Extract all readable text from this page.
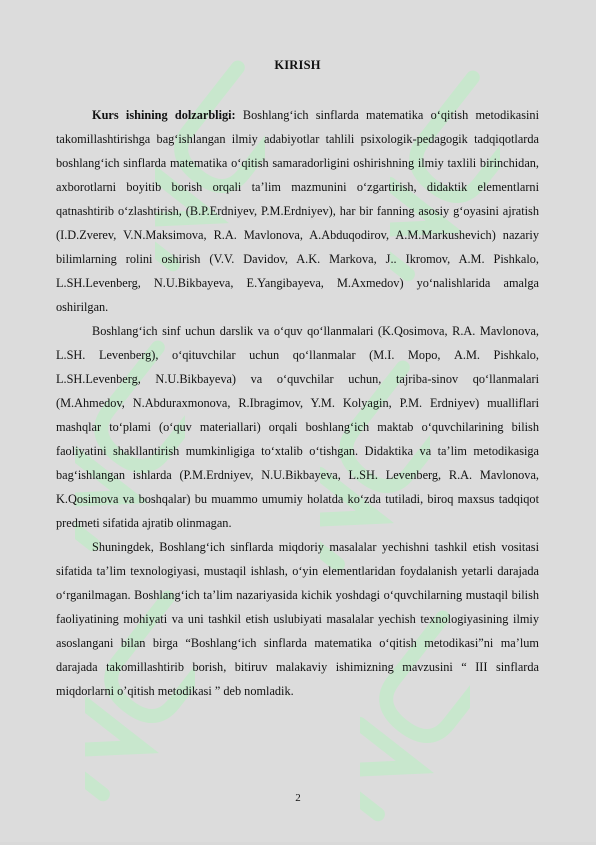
KIRISH

Kurs ishining dolzarbligi: Boshlang‘ich sinflarda matematika o‘qitish metodikasini takomillashtirishga bag‘ishlangan ilmiy adabiyotlar tahlili psixologik-pedagogik tadqiqotlarda boshlang‘ich sinflarda matematika o‘qitish samaradorligini oshirishning ilmiy taxlili birinchidan, axborotlarni boyitib borish orqali ta’lim mazmunini o‘zgartirish, didaktik elementlarni qatnashtirib o‘zlashtirish, (B.P.Erdniyev, P.M.Erdniyev), har bir fanning asosiy g‘oyasini ajratish (I.D.Zverev, V.N.Maksimova, R.A. Mavlonova, A.Abduqodirov, A.M.Markushevich) nazariy bilimlarning rolini oshirish (V.V. Davidov, A.K. Markova, J.. Ikromov, A.M. Pishkalo, L.SH.Levenberg, N.U.Bikbayeva, E.Yangibayeva, M.Axmedov) yo‘nalishlarida amalga oshirilgan.

Boshlang‘ich sinf uchun darslik va o‘quv qo‘llanmalari (K.Qosimova, R.A. Mavlonova, L.SH. Levenberg), o‘qituvchilar uchun qo‘llanmalar (M.I. Moро, A.M. Pishkalo, L.SH.Levenberg, N.U.Bikbayeva) va o‘quvchilar uchun, tajriba-sinov qo‘llanmalari (M.Ahmedov, N.Abduraxmonova, R.Ibragimov, Y.M. Kolyagin, P.M. Erdniyev) mualliflari mashqlar to‘plami (o‘quv materiallari) orqali boshlang‘ich maktab o‘quvchilarining bilish faoliyatini shakllantirish mumkinligiga to‘xtalib o‘tishgan. Didaktika va ta’lim metodikasiga bag‘ishlangan ishlarda (P.M.Erdniyev, N.U.Bikbayeva, L.SH. Levenberg, R.A. Mavlonova, K.Qosimova va boshqalar) bu muammo umumiy holatda ko‘zda tutiladi, biroq maxsus tadqiqot predmeti sifatida ajratib olinmagan.

Shuningdek, Boshlang‘ich sinflarda miqdoriy masalalar yechishni tashkil etish vositasi sifatida ta’lim texnologiyasi, mustaqil ishlash, o‘yin elementlaridan foydalanish yetarli darajada o‘rganilmagan. Boshlang‘ich ta’lim nazariyasida kichik yoshdagi o‘quvchilarning mustaqil bilish faoliyatining mohiyati va uni tashkil etish uslubiyati masalalar yechish texnologiyasining ilmiy asoslangani bilan birga “Boshlang‘ich sinflarda matematika o‘qitish metodikasi”ni ma’lum darajada takomillashtirib borish, bitiruv malakaviy ishimizning mavzusini “ III sinflarda miqdorlarni o’qitish metodikasi ” deb nomladik.

2
